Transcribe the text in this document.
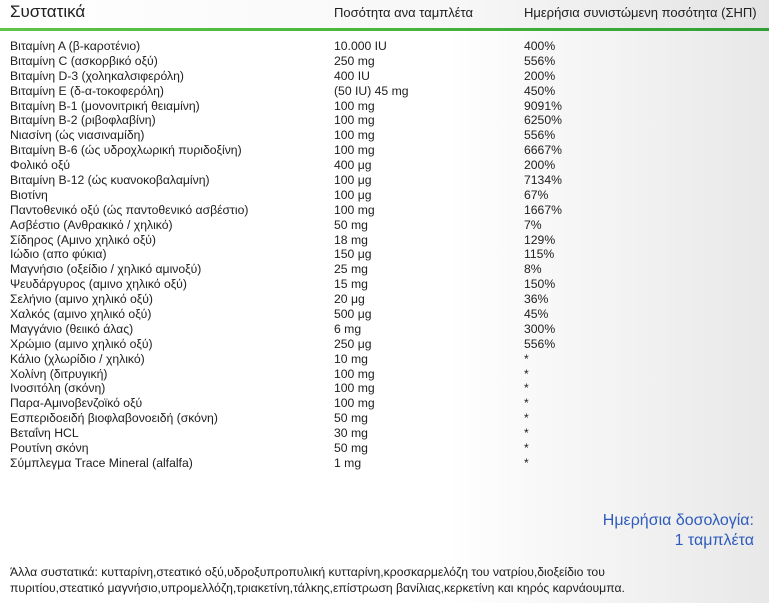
Συστατικά	Ποσότητα ανα ταμπλέτα	Ημερήσια συνιστώμενη ποσότητα (ΣΗΠ)
Βιταμίνη Α (β-καροτένιο)	10.000 IU	400%
Βιταμίνη C (ασκορβικό οξύ)	250 mg	556%
Βιταμίνη D-3 (χοληκαλσιφερόλη)	400 IU	200%
Βιταμίνη Ε (δ-α-τοκοφερόλη)	(50 IU) 45 mg	450%
Βιταμίνη Β-1 (μονονιτρική θειαμίνη)	100 mg	9091%
Βιταμίνη Β-2 (ριβοφλαβίνη)	100 mg	6250%
Νιασίνη (ώς νιασιναμίδη)	100 mg	556%
Βιταμίνη Β-6 (ώς υδροχλωρική πυριδοξίνη)	100 mg	6667%
Φολικό οξύ	400 μg	200%
Βιταμίνη Β-12 (ώς κυανοκοβαλαμίνη)	100 μg	7134%
Βιοτίνη	100 μg	67%
Παντοθενικό οξύ (ώς παντοθενικό ασβέστιο)	100 mg	1667%
Ασβέστιο (Ανθρακικό / χηλικό)	50 mg	7%
Σίδηρος (Αμινο χηλικό οξύ)	18 mg	129%
Ιώδιο (απο φύκια)	150 μg	115%
Μαγνήσιο (οξείδιο / χηλικό αμινοξύ)	25 mg	8%
Ψευδάργυρος (αμινο χηλικό οξύ)	15 mg	150%
Σελήνιο (αμινο χηλικό οξύ)	20 μg	36%
Χαλκός (αμινο χηλικό οξύ)	500 μg	45%
Μαγγάνιο (θειικό άλας)	6 mg	300%
Χρώμιο (αμινο χηλικό οξύ)	250 μg	556%
Κάλιο (χλωρίδιο / χηλικό)	10 mg	*
Χολίνη (διτρυγική)	100 mg	*
Ινοσιτόλη (σκόνη)	100 mg	*
Παρα-Αμινοβενζοϊκό οξύ	100 mg	*
Εσπεριδοειδή βιοφλαβονοειδή (σκόνη)	50 mg	*
Βεταΐνη HCL	30 mg	*
Ρουτίνη σκόνη	50 mg	*
Σύμπλεγμα Trace Mineral (alfalfa)	1 mg	*
Ημερήσια δοσολογία:
1 ταμπλέτα
Άλλα συστατικά: κυτταρίνη,στεατικό οξύ,υδροξυπροπυλική κυτταρίνη,κροσκαρμελόζη του νατρίου,διοξείδιο του
πυριτίου,στεατικό μαγνήσιο,υπρομελλόζη,τριακετίνη,τάλκης,επίστρωση βανίλιας,κερκετίνη και κηρός καρνάουμπα.
